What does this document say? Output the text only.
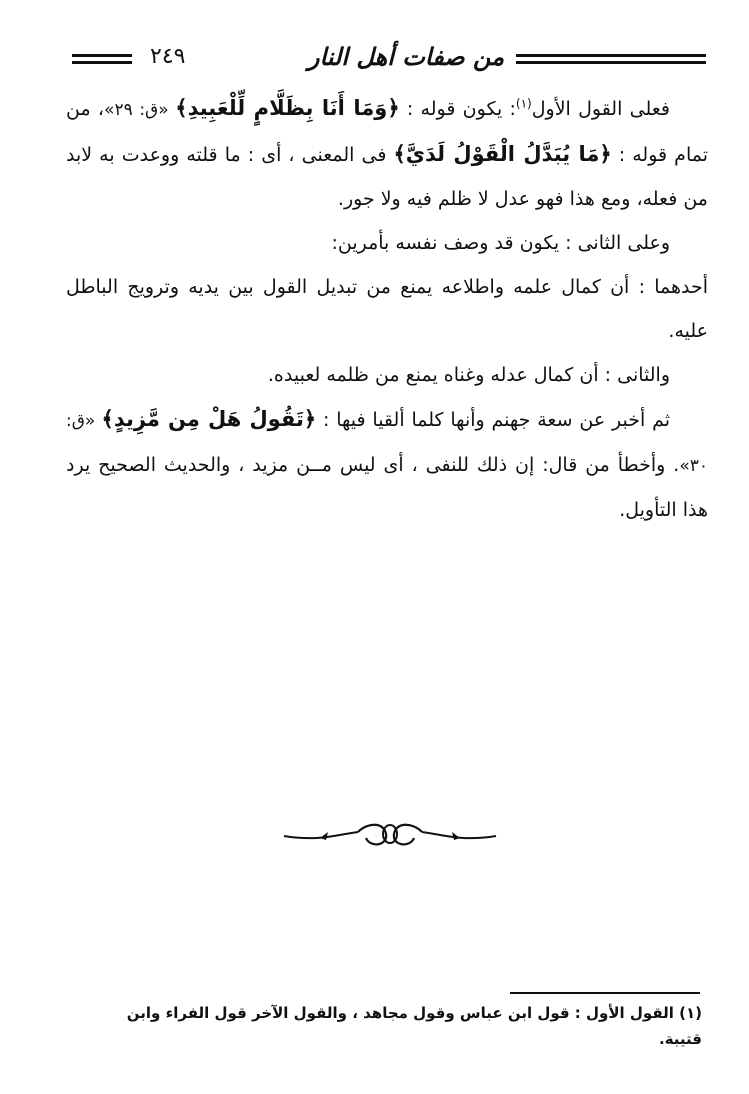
٢٤٩	من صفات أهل النار

فعلى القول الأول$^{(١)}$: يكون قوله : ﴿وَمَا أَنَا بِظَلَّامٍ لِّلْعَبِيدِ﴾ «ق: ٢٩»، من تمام قوله : ﴿مَا يُبَدَّلُ الْقَوْلُ لَدَيَّ﴾ فى المعنى ، أى : ما قلته ووعدت به لابد من فعله، ومع هذا فهو عدل لا ظلم فيه ولا جور.

وعلى الثانى : يكون قد وصف نفسه بأمرين:

أحدهما : أن كمال علمه واطلاعه يمنع من تبديل القول بين يديه وترويج الباطل عليه.

والثانى : أن كمال عدله وغناه يمنع من ظلمه لعبيده.

ثم أخبر عن سعة جهنم وأنها كلما ألقيا فيها : ﴿تَقُولُ هَلْ مِن مَّزِيدٍ﴾ «ق: ٣٠». وأخطأ من قال: إن ذلك للنفى ، أى ليس مــن مزيد ، والحديث الصحيح يرد هذا التأويل.

(١) القول الأول : قول ابن عباس وقول مجاهد ، والقول الآخر قول الفراء وابن قتيبة.
